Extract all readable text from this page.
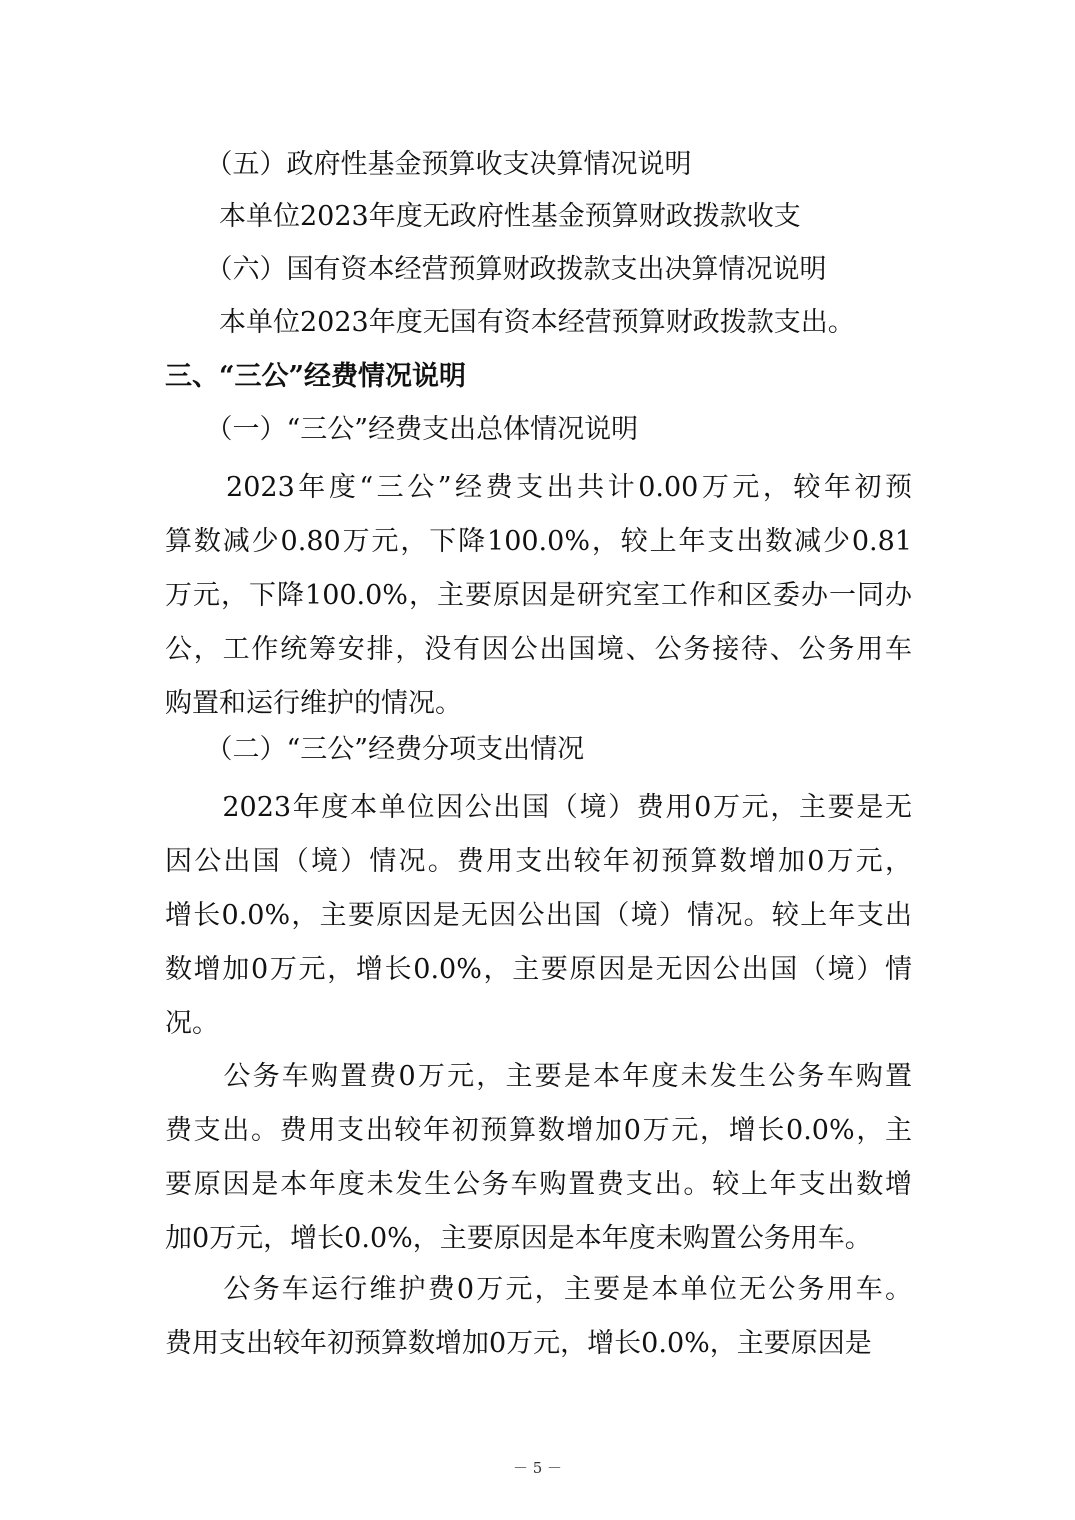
　　（五）政府性基金预算收支决算情况说明
　　本单位2023年度无政府性基金预算财政拨款收支
　　（六）国有资本经营预算财政拨款支出决算情况说明
　　本单位2023年度无国有资本经营预算财政拨款支出。
三、“三公”经费情况说明
　　（一）“三公”经费支出总体情况说明
　　2023年度“三公”经费支出共计0.00万元，较年初预
算数减少0.80万元，下降100.0%，较上年支出数减少0.81
万元，下降100.0%，主要原因是研究室工作和区委办一同办
公，工作统筹安排，没有因公出国境、公务接待、公务用车
购置和运行维护的情况。
　　（二）“三公”经费分项支出情况
　　2023年度本单位因公出国（境）费用0万元，主要是无
因公出国（境）情况。费用支出较年初预算数增加0万元，
增长0.0%，主要原因是无因公出国（境）情况。较上年支出
数增加0万元，增长0.0%，主要原因是无因公出国（境）情
况。
　　公务车购置费0万元，主要是本年度未发生公务车购置
费支出。费用支出较年初预算数增加0万元，增长0.0%，主
要原因是本年度未发生公务车购置费支出。较上年支出数增
加0万元，增长0.0%，主要原因是本年度未购置公务用车。
　　公务车运行维护费0万元，主要是本单位无公务用车。
费用支出较年初预算数增加0万元，增长0.0%，主要原因是
－ 5 －
